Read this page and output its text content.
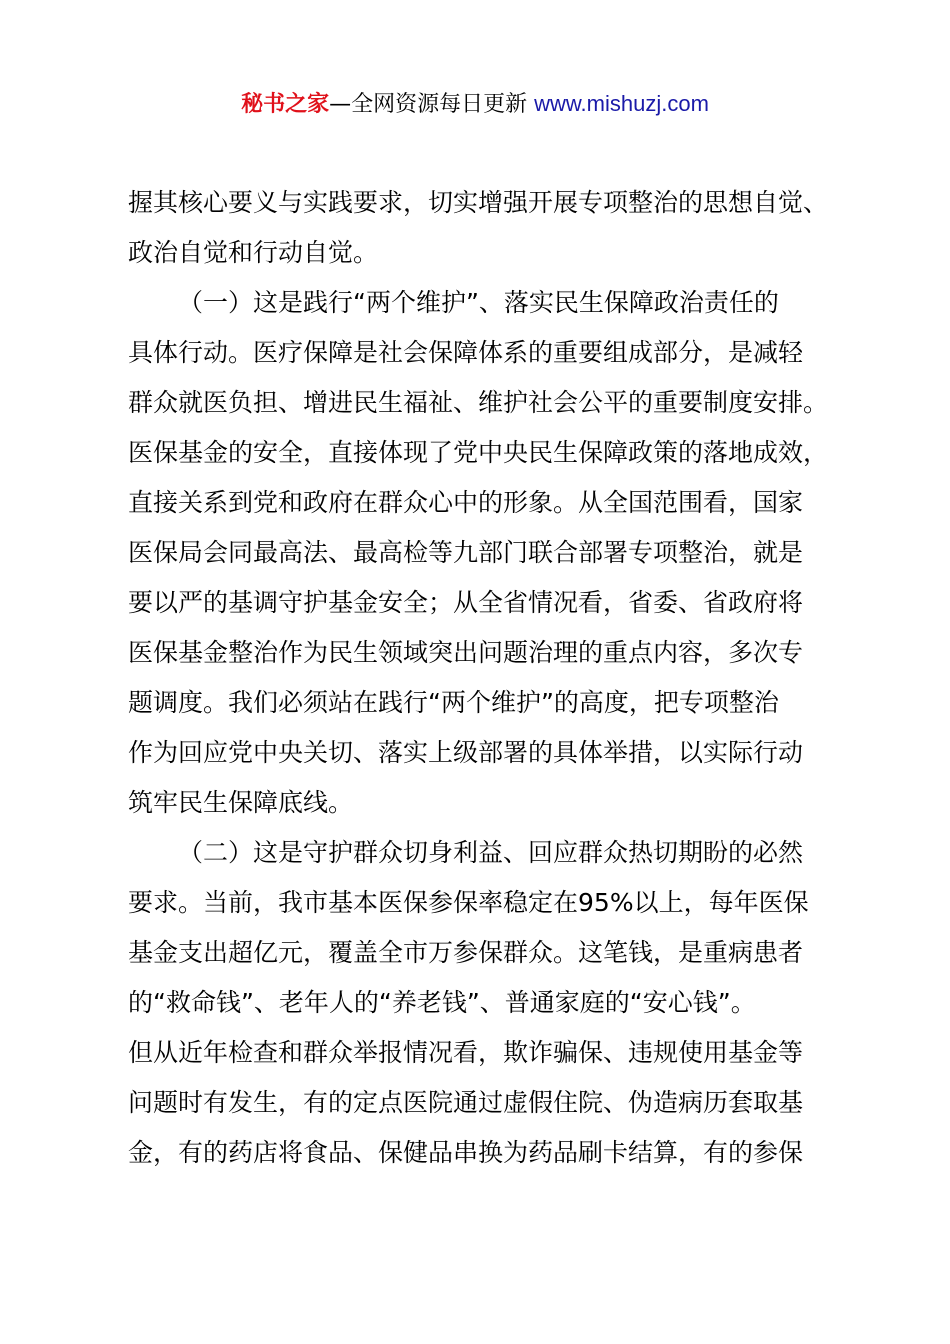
秘书之家—全网资源每日更新 www.mishuzj.com
握其核心要义与实践要求，切实增强开展专项整治的思想自觉、
政治自觉和行动自觉。
（一）这是践行“两个维护”、落实民生保障政治责任的
具体行动。医疗保障是社会保障体系的重要组成部分，是减轻
群众就医负担、增进民生福祉、维护社会公平的重要制度安排。
医保基金的安全，直接体现了党中央民生保障政策的落地成效，
直接关系到党和政府在群众心中的形象。从全国范围看，国家
医保局会同最高法、最高检等九部门联合部署专项整治，就是
要以严的基调守护基金安全；从全省情况看，省委、省政府将
医保基金整治作为民生领域突出问题治理的重点内容，多次专
题调度。我们必须站在践行“两个维护”的高度，把专项整治
作为回应党中央关切、落实上级部署的具体举措，以实际行动
筑牢民生保障底线。
（二）这是守护群众切身利益、回应群众热切期盼的必然
要求。当前，我市基本医保参保率稳定在95%以上，每年医保
基金支出超亿元，覆盖全市万参保群众。这笔钱，是重病患者
的“救命钱”、老年人的“养老钱”、普通家庭的“安心钱”。
但从近年检查和群众举报情况看，欺诈骗保、违规使用基金等
问题时有发生，有的定点医院通过虚假住院、伪造病历套取基
金，有的药店将食品、保健品串换为药品刷卡结算，有的参保
